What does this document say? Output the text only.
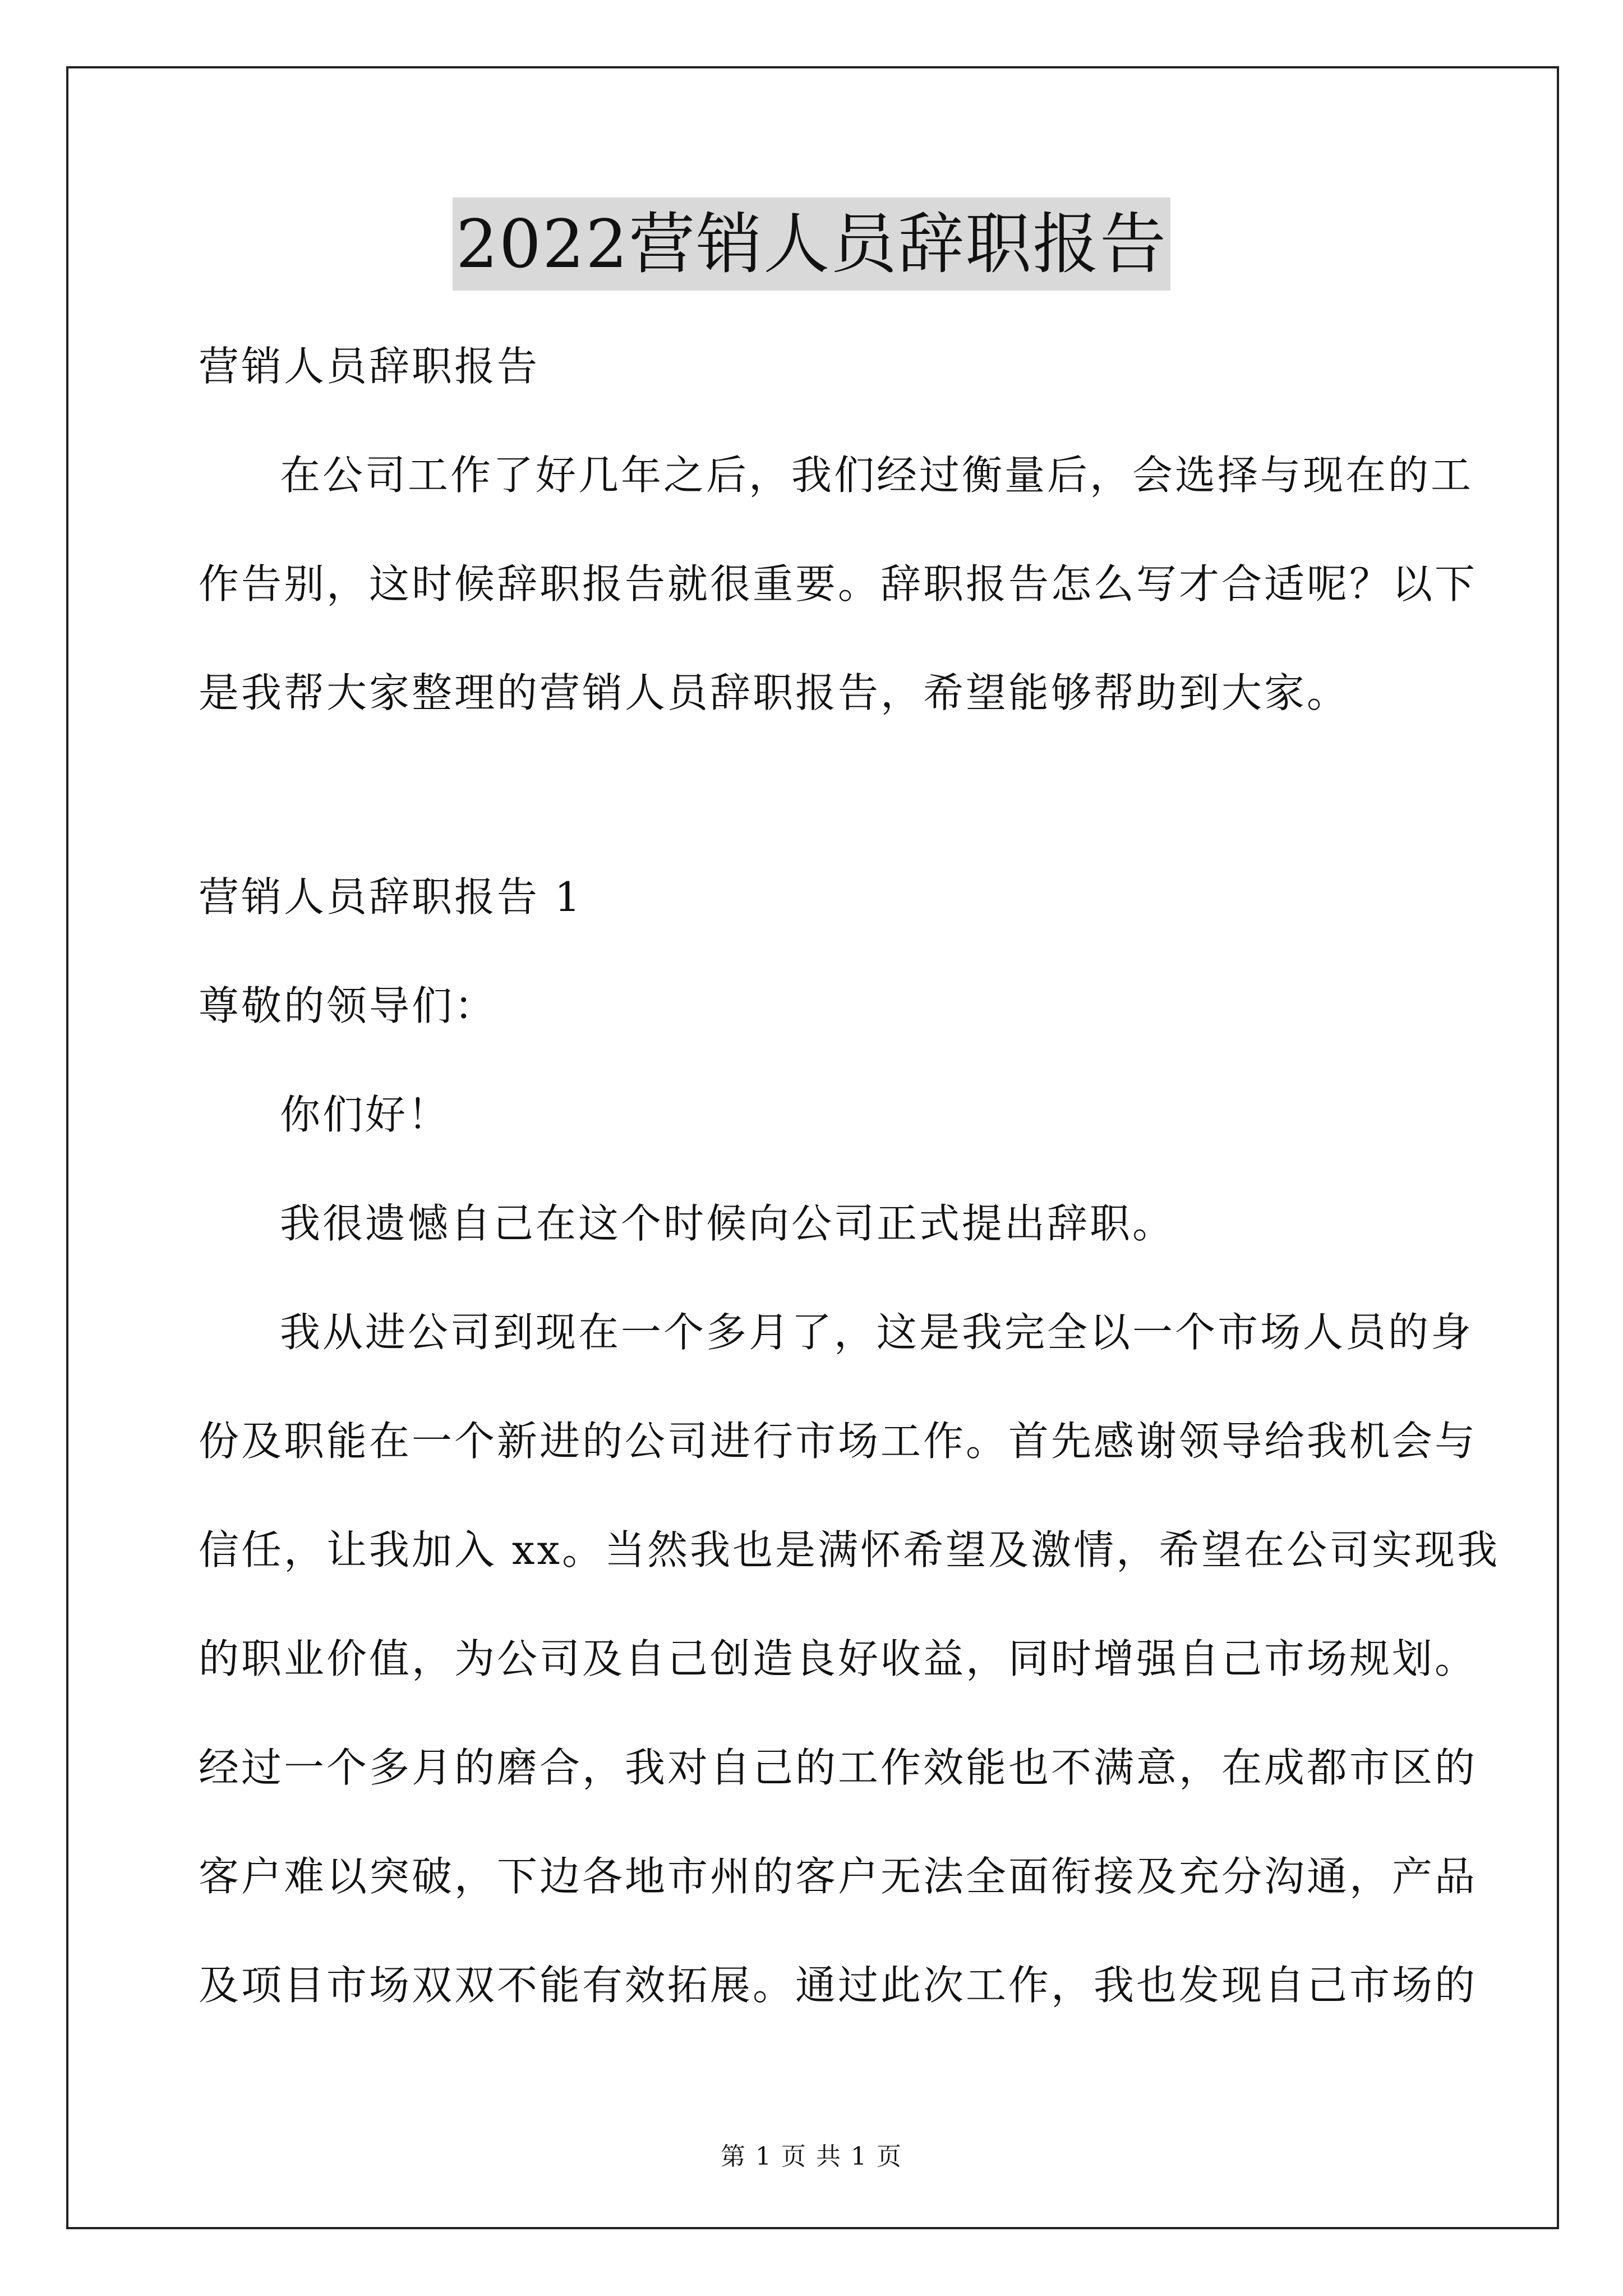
2022营销人员辞职报告
营销人员辞职报告
在公司工作了好几年之后，我们经过衡量后，会选择与现在的工
作告别，这时候辞职报告就很重要。辞职报告怎么写才合适呢？以下
是我帮大家整理的营销人员辞职报告，希望能够帮助到大家。
营销人员辞职报告 1
尊敬的领导们：
你们好！
我很遗憾自己在这个时候向公司正式提出辞职。
我从进公司到现在一个多月了，这是我完全以一个市场人员的身
份及职能在一个新进的公司进行市场工作。首先感谢领导给我机会与
信任，让我加入 xx。当然我也是满怀希望及激情，希望在公司实现我
的职业价值，为公司及自己创造良好收益，同时增强自己市场规划。
经过一个多月的磨合，我对自己的工作效能也不满意，在成都市区的
客户难以突破，下边各地市州的客户无法全面衔接及充分沟通，产品
及项目市场双双不能有效拓展。通过此次工作，我也发现自己市场的
第 1 页 共 1 页
